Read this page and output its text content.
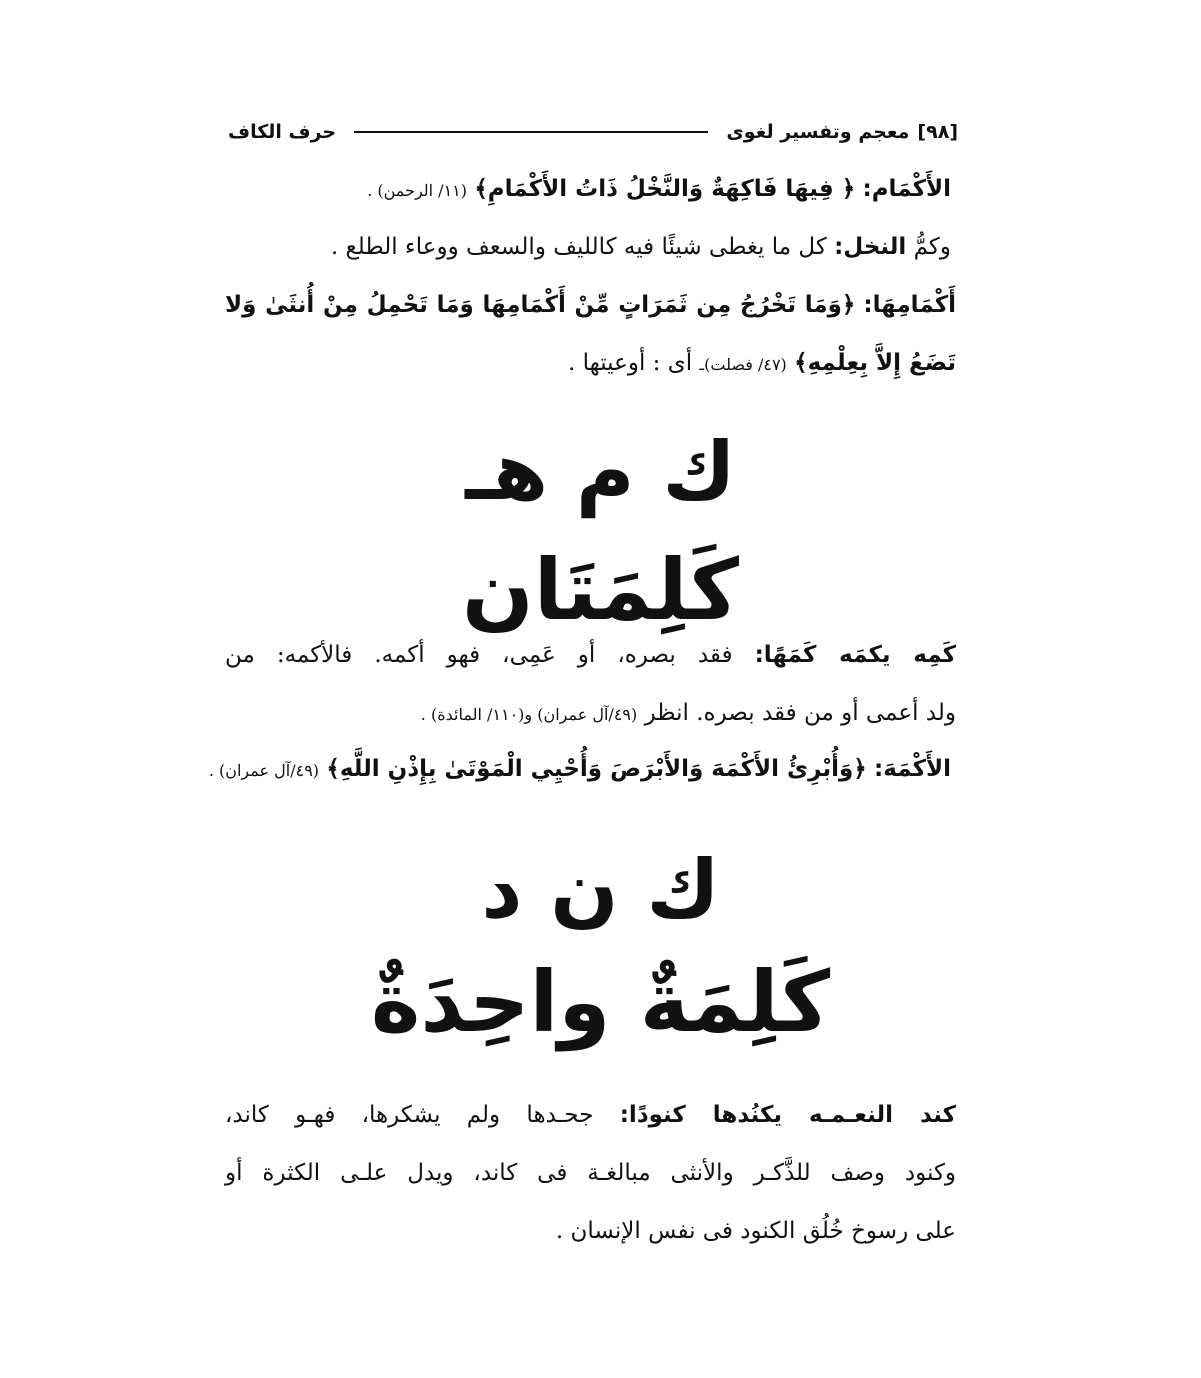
[٩٨]
معجم وتفسير لغوى
حرف الكاف
الأَكْمَام: ﴿ فِيهَا فَاكِهَةٌ وَالنَّخْلُ ذَاتُ الأَكْمَامِ﴾ (١١/ الرحمن) .
وكمُّ النخل: كل ما يغطى شيئًا فيه كالليف والسعف ووعاء الطلع .
أَكْمَامِهَا: ﴿وَمَا تَخْرُجُ مِن ثَمَرَاتٍ مِّنْ أَكْمَامِهَا وَمَا تَحْمِلُ مِنْ أُنثَىٰ وَلا
تَضَعُ إِلاَّ بِعِلْمِهِ﴾ (٤٧/ فصلت)ـ أى : أوعيتها .
ك م هـ
كَلِمَتَان
كَمِه يكمَه كَمَهًا: فقد بصره، أو عَمِى، فهو أكمه. فالأكمه: من
ولد أعمى أو من فقد بصره. انظر (٤٩/آل عمران) و(١١٠/ المائدة) .
الأَكْمَهَ: ﴿وَأُبْرِئُ الأَكْمَهَ وَالأَبْرَصَ وَأُحْيِي الْمَوْتَىٰ بِإِذْنِ اللَّهِ﴾ (٤٩/آل عمران) .
ك ن د
كَلِمَةٌ واحِدَةٌ
كند النعـمـه يكنُدها كنودًا: جحـدها ولم يشكرها، فهـو كاند،
وكنود وصف للذَّكـر والأنثى مبالغـة فى كاند، ويدل علـى الكثرة أو
على رسوخ خُلُق الكنود فى نفس الإنسان .
